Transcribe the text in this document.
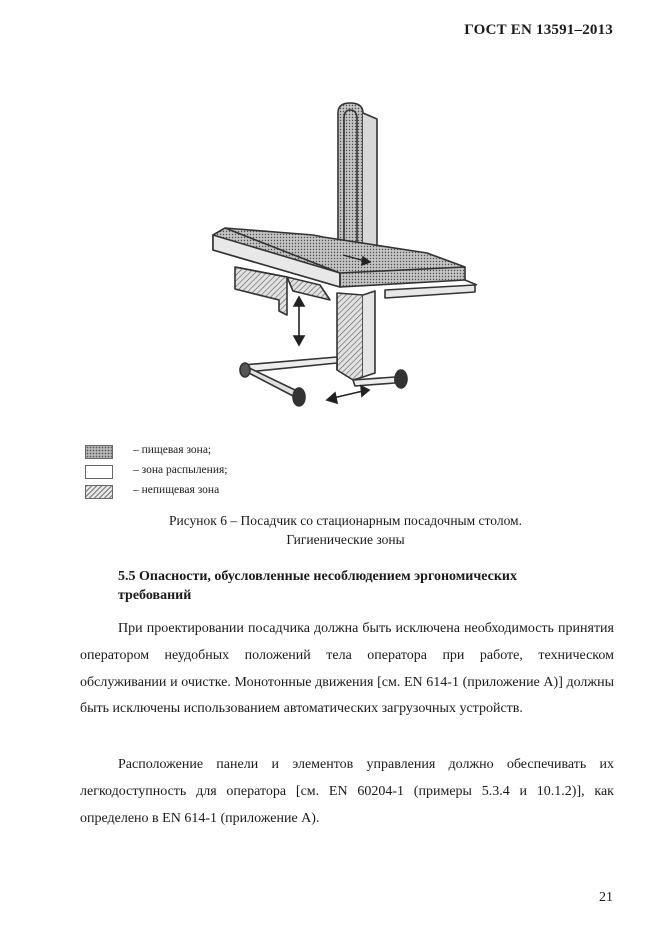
ГОСТ EN 13591–2013
– пищевая зона;
– зона распыления;
– непищевая зона
Рисунок 6 – Посадчик со стационарным посадочным столом.
Гигиенические зоны
5.5 Опасности, обусловленные несоблюдением эргономических
требований

При проектировании посадчика должна быть исключена необходимость принятия оператором неудобных положений тела оператора при работе, техническом обслуживании и очистке. Монотонные движения [см. EN 614-1 (приложение А)] должны быть исключены использованием автоматических загрузочных устройств.

Расположение панели и элементов управления должно обеспечивать их легкодоступность для оператора [см. EN 60204-1 (примеры 5.3.4 и 10.1.2)], как определено в EN 614-1 (приложение А).

21
